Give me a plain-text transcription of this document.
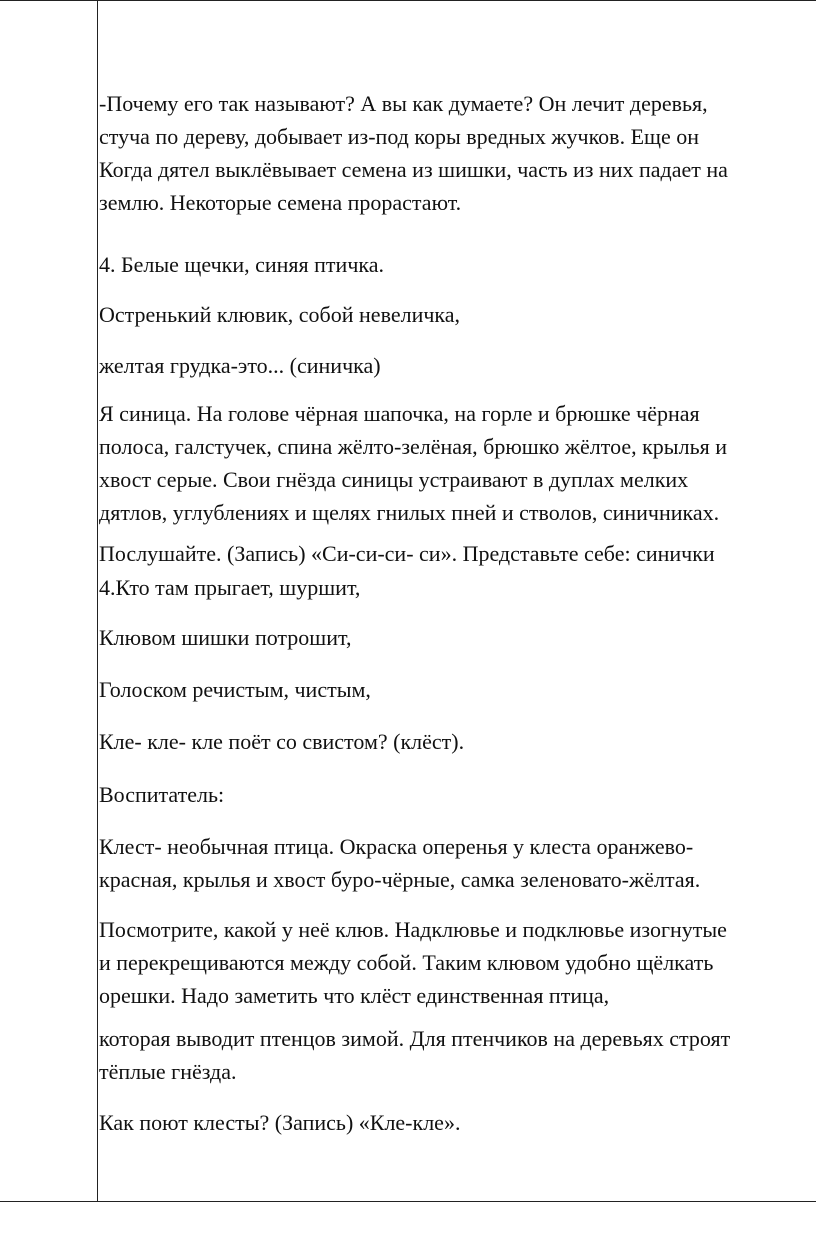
-Почему его так называют? А вы как думаете? Он лечит деревья,

стуча по дереву, добывает из-под коры вредных жучков. Еще он

Когда дятел выклёвывает семена из шишки, часть из них падает на

землю. Некоторые семена прорастают.

4. Белые щечки, синяя птичка.

Остренький клювик, собой невеличка,

желтая грудка-это... (синичка)

Я синица. На голове чёрная шапочка, на горле и брюшке чёрная

полоса, галстучек, спина жёлто-зелёная, брюшко жёлтое, крылья и

хвост серые. Свои гнёзда синицы устраивают в дуплах мелких

дятлов, углублениях и щелях гнилых пней и стволов, синичниках.

Послушайте. (Запись) «Си-си-си- си». Представьте себе: синички

4.Кто там прыгает, шуршит,

Клювом шишки потрошит,

Голоском речистым, чистым,

Кле- кле- кле поёт со свистом? (клёст).

Воспитатель:

Клест- необычная птица. Окраска оперенья у клеста оранжево-

красная, крылья и хвост буро-чёрные, самка зеленовато-жёлтая.

Посмотрите, какой у неё клюв. Надклювье и подклювье изогнутые

и перекрещиваются между собой. Таким клювом удобно щёлкать

орешки. Надо заметить что клёст единственная птица,

которая выводит птенцов зимой. Для птенчиков на деревьях строят

тёплые гнёзда.

Как поют клесты? (Запись) «Кле-кле».
